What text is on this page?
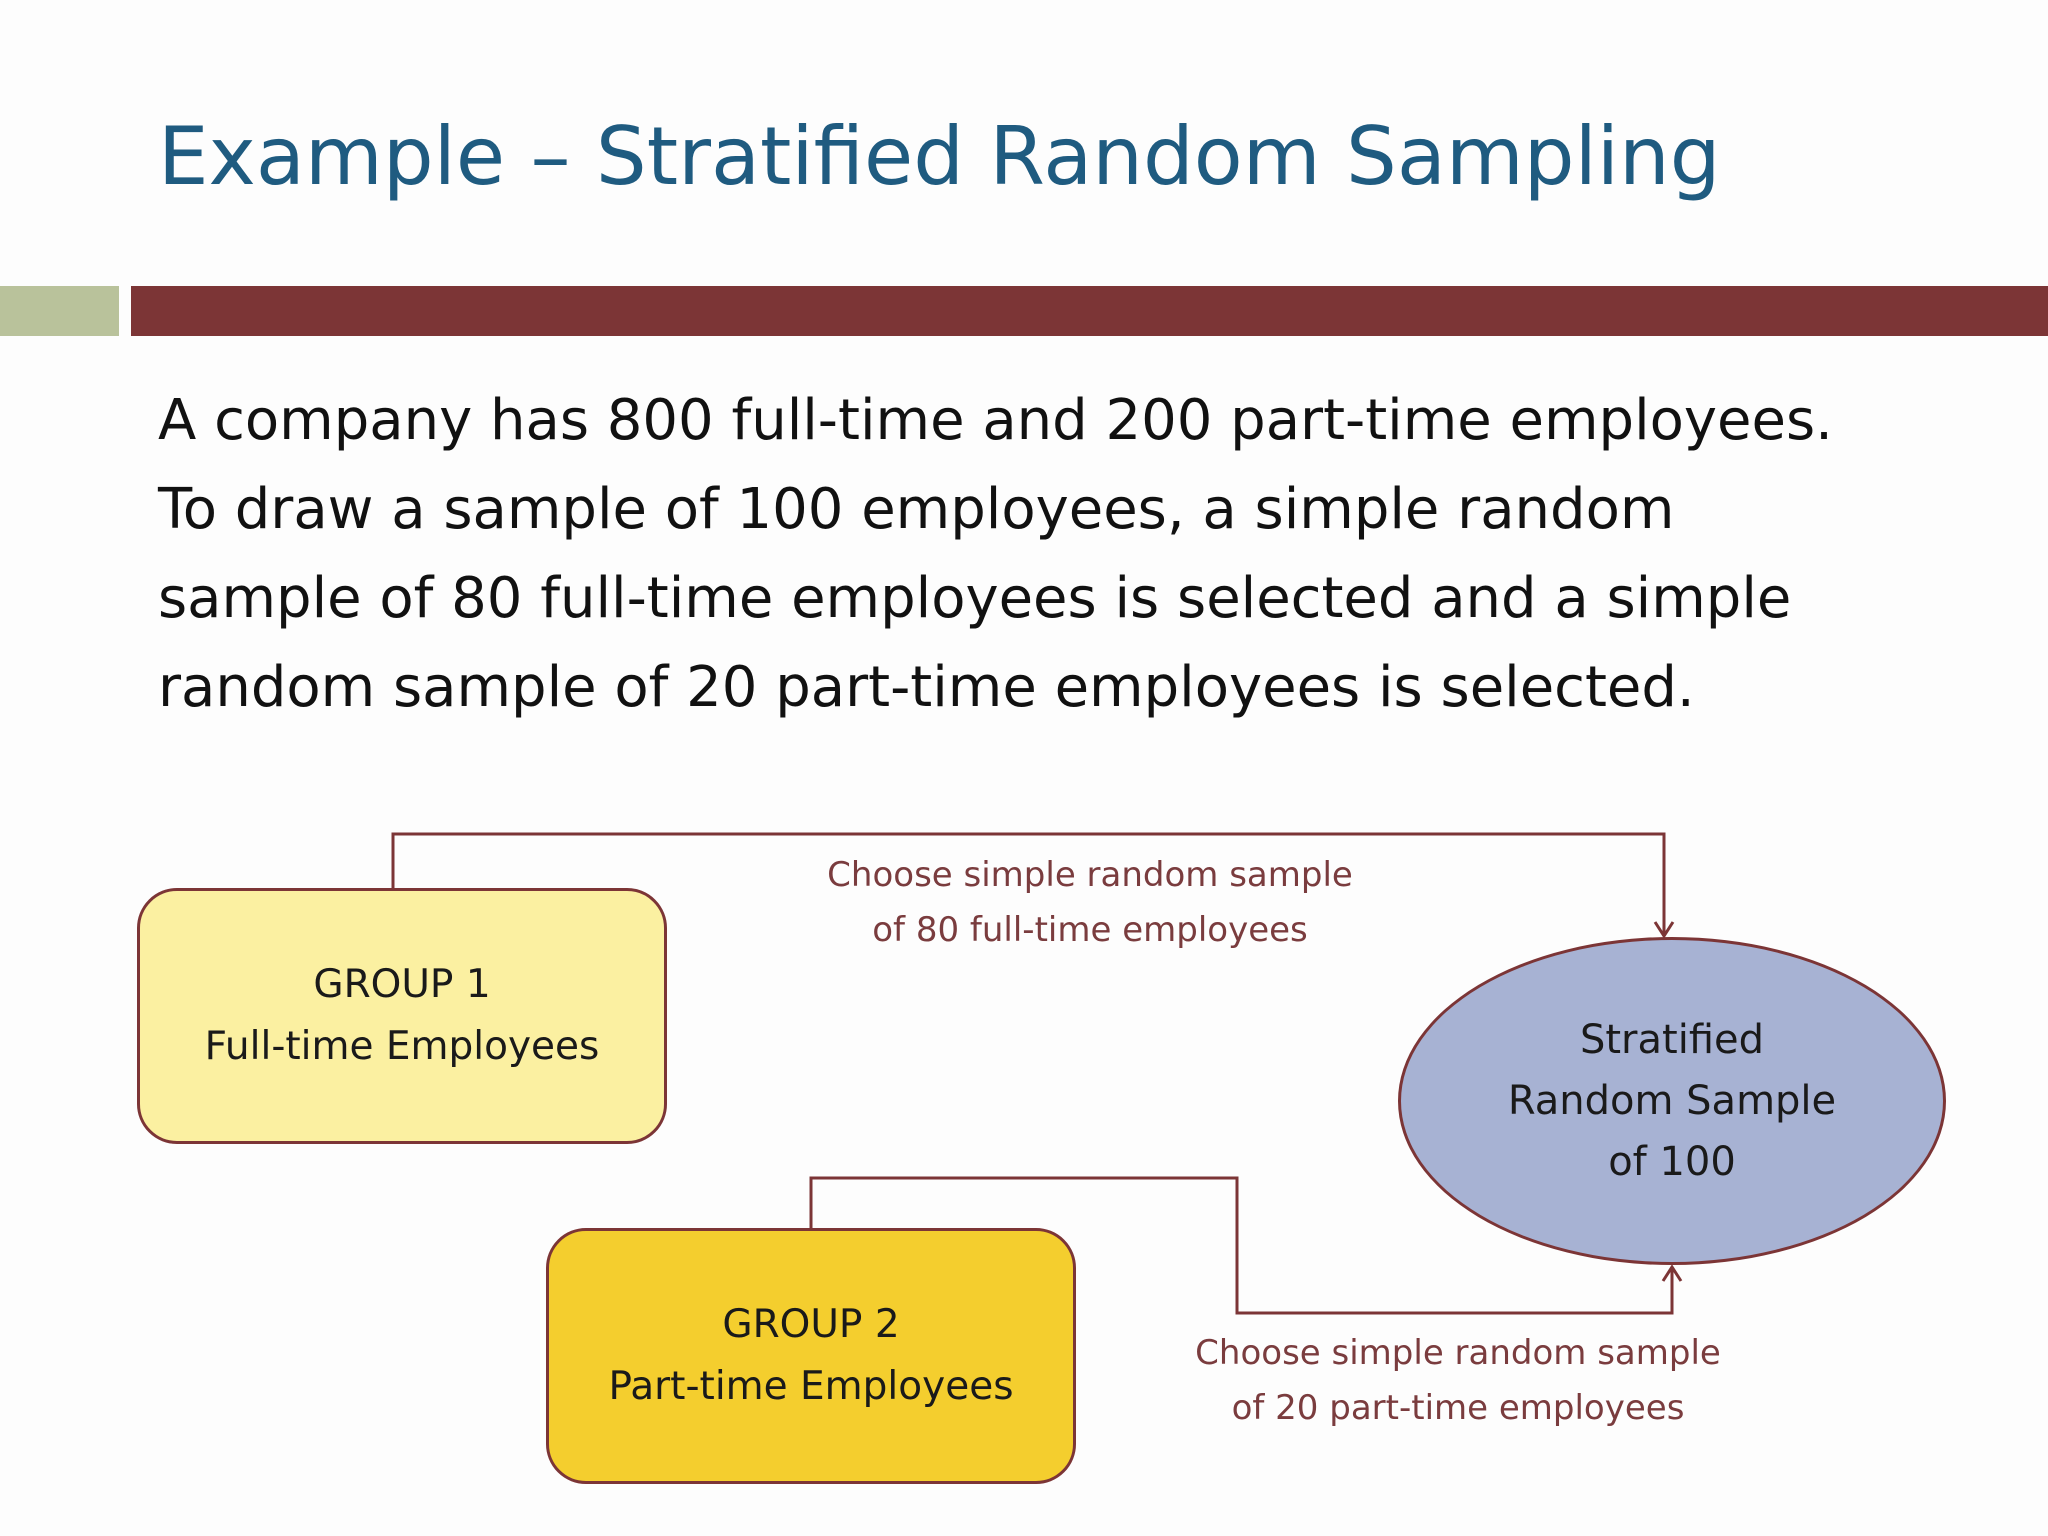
Example – Stratified Random Sampling
A company has 800 full-time and 200 part-time employees.
To draw a sample of 100 employees, a simple random
sample of 80 full-time employees is selected and a simple
random sample of 20 part-time employees is selected.
GROUP 1
Full-time Employees
GROUP 2
Part-time Employees
Stratified
Random Sample
of 100
Choose simple random sample
of 80 full-time employees
Choose simple random sample
of 20 part-time employees
